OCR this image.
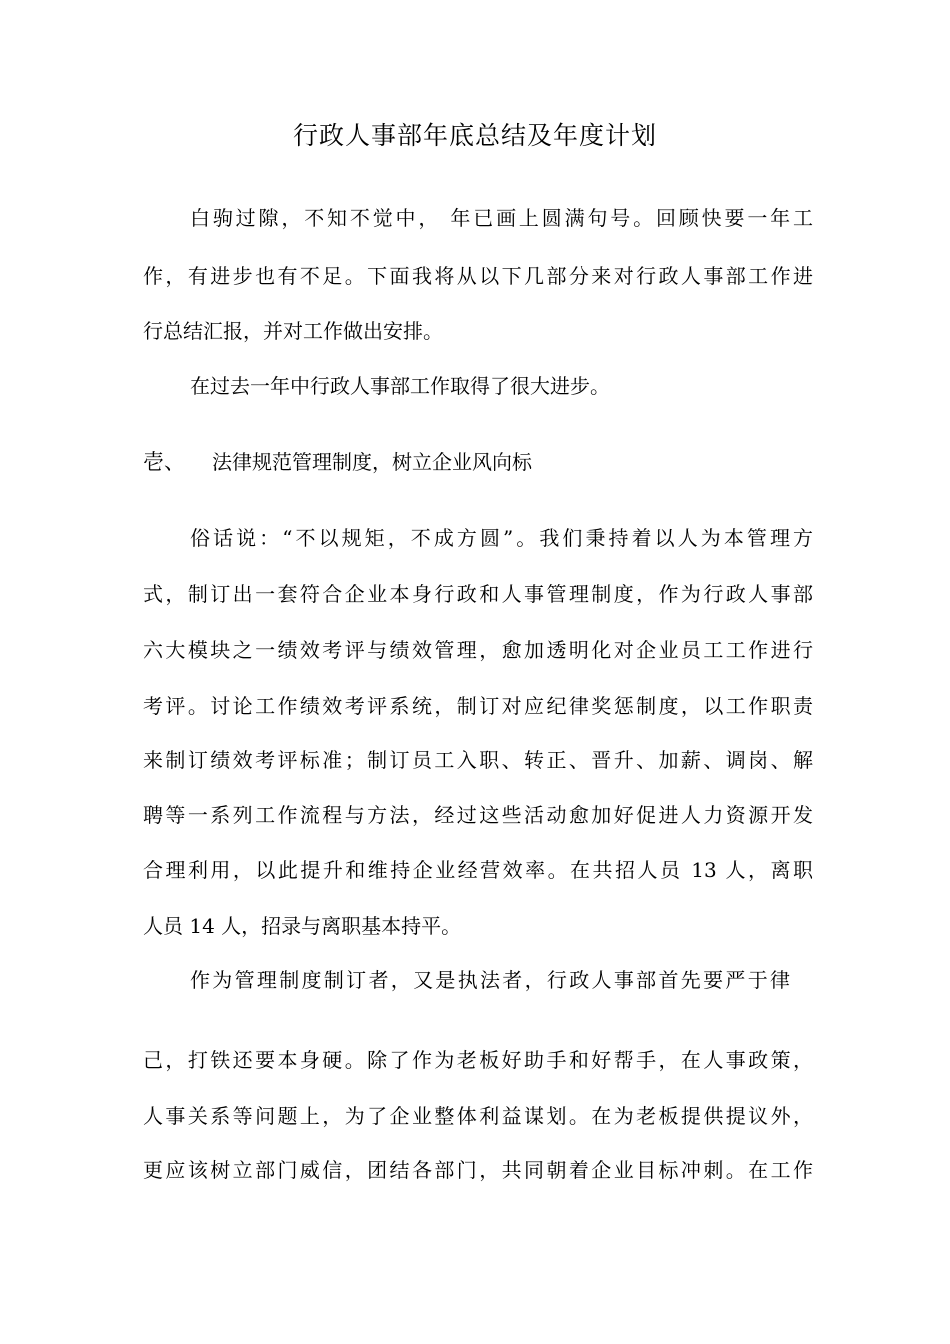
行政人事部年底总结及年度计划
白驹过隙，不知不觉中， 年已画上圆满句号。回顾快要一年工
作，有进步也有不足。下面我将从以下几部分来对行政人事部工作进
行总结汇报，并对工作做出安排。
在过去一年中行政人事部工作取得了很大进步。
壱、 法律规范管理制度，树立企业风向标
俗话说：“不以规矩，不成方圆”。我们秉持着以人为本管理方
式，制订出一套符合企业本身行政和人事管理制度，作为行政人事部
六大模块之一绩效考评与绩效管理，愈加透明化对企业员工工作进行
考评。讨论工作绩效考评系统，制订对应纪律奖惩制度，以工作职责
来制订绩效考评标准；制订员工入职、转正、晋升、加薪、调岗、解
聘等一系列工作流程与方法，经过这些活动愈加好促进人力资源开发
合理利用，以此提升和维持企业经营效率。在共招人员 13 人，离职
人员 14 人，招录与离职基本持平。
作为管理制度制订者，又是执法者，行政人事部首先要严于律
己，打铁还要本身硬。除了作为老板好助手和好帮手，在人事政策，
人事关系等问题上，为了企业整体利益谋划。在为老板提供提议外，
更应该树立部门威信，团结各部门，共同朝着企业目标冲刺。在工作
